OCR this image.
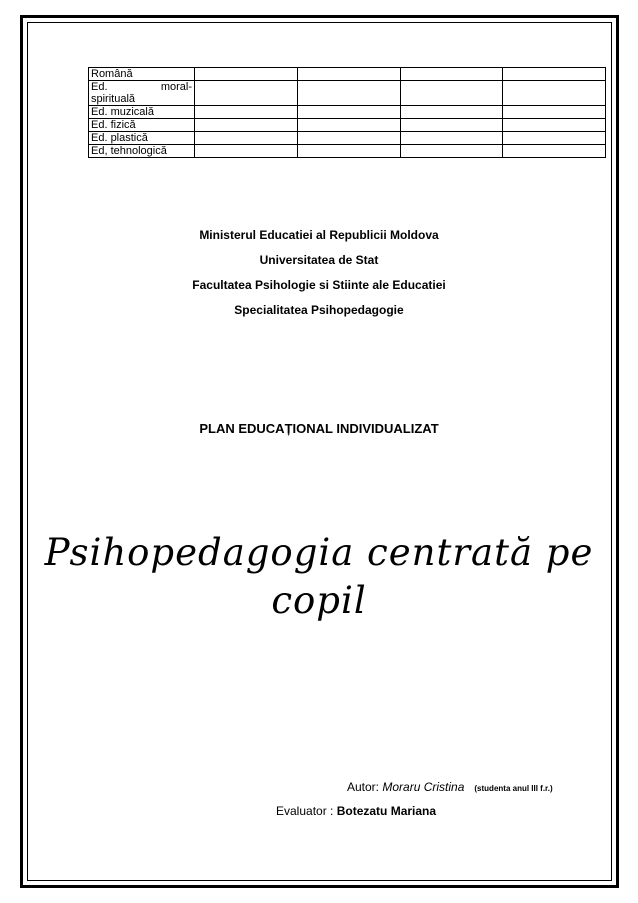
Română				

Ed. moral-
spirituală				

Ed. muzicală				
Ed. fizică				
Ed. plastică				
Ed, tehnologică				
Ministerul Educatiei al Republicii Moldova
Universitatea de Stat
Facultatea Psihologie si Stiinte ale Educatiei
Specialitatea Psihopedagogie
PLAN EDUCAȚIONAL INDIVIDUALIZAT
Psihopedagogia centrată pe
copil
Autor: Moraru Cristina (studenta anul III f.r.)
Evaluator : Botezatu Mariana
